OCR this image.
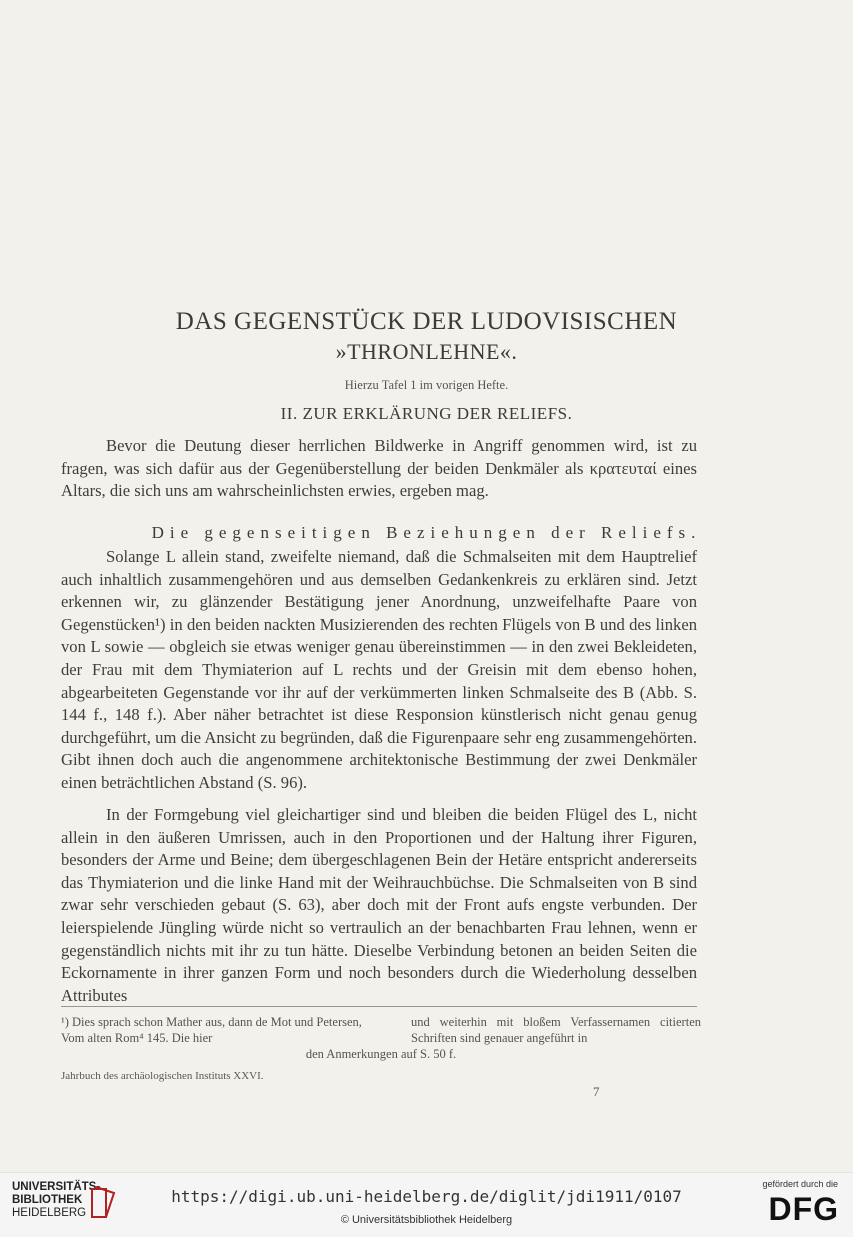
DAS GEGENSTÜCK DER LUDOVISISCHEN
»THRONLEHNE«.
Hierzu Tafel 1 im vorigen Hefte.
II. ZUR ERKLÄRUNG DER RELIEFS.

Bevor die Deutung dieser herrlichen Bildwerke in Angriff genommen wird, ist zu fragen, was sich dafür aus der Gegenüberstellung der beiden Denkmäler als κρατευταί eines Altars, die sich uns am wahrscheinlichsten erwies, ergeben mag.

Die gegenseitigen Beziehungen der Reliefs.

Solange L allein stand, zweifelte niemand, daß die Schmalseiten mit dem Hauptrelief auch inhaltlich zusammengehören und aus demselben Gedankenkreis zu erklären sind. Jetzt erkennen wir, zu glänzender Bestätigung jener Anordnung, unzweifelhafte Paare von Gegenstücken¹) in den beiden nackten Musizierenden des rechten Flügels von B und des linken von L sowie — obgleich sie etwas weniger genau übereinstimmen — in den zwei Bekleideten, der Frau mit dem Thymiaterion auf L rechts und der Greisin mit dem ebenso hohen, abgearbeiteten Gegenstande vor ihr auf der verkümmerten linken Schmalseite des B (Abb. S. 144 f., 148 f.). Aber näher betrachtet ist diese Responsion künstlerisch nicht genau genug durchgeführt, um die Ansicht zu begründen, daß die Figurenpaare sehr eng zusammengehörten. Gibt ihnen doch auch die angenommene architektonische Bestimmung der zwei Denkmäler einen beträchtlichen Abstand (S. 96).

In der Formgebung viel gleichartiger sind und bleiben die beiden Flügel des L, nicht allein in den äußeren Umrissen, auch in den Proportionen und der Haltung ihrer Figuren, besonders der Arme und Beine; dem übergeschlagenen Bein der Hetäre entspricht andererseits das Thymiaterion und die linke Hand mit der Weihrauchbüchse. Die Schmalseiten von B sind zwar sehr verschieden gebaut (S. 63), aber doch mit der Front aufs engste verbunden. Der leierspielende Jüngling würde nicht so vertraulich an der benachbarten Frau lehnen, wenn er gegenständlich nichts mit ihr zu tun hätte. Dieselbe Verbindung betonen an beiden Seiten die Eckornamente in ihrer ganzen Form und noch besonders durch die Wiederholung desselben Attributes

¹) Dies sprach schon Mather aus, dann de Mot und Petersen, Vom alten Rom⁴ 145. Die hier
und weiterhin mit bloßem Verfassernamen citierten Schriften sind genauer angeführt in
den Anmerkungen auf S. 50 f.
Jahrbuch des archäologischen Instituts XXVI.
7
UNIVERSITÄTS-
BIBLIOTHEK
HEIDELBERG
https://digi.ub.uni-heidelberg.de/diglit/jdi1911/0107
© Universitätsbibliothek Heidelberg
gefördert durch die
DFG
